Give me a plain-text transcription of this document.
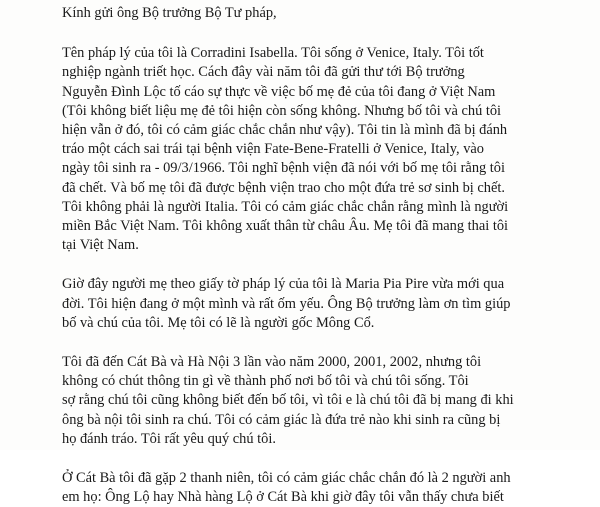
Kính gửi ông Bộ trưởng Bộ Tư pháp,

Tên pháp lý của tôi là Corradini Isabella. Tôi sống ở Venice, Italy. Tôi tốt
nghiệp ngành triết học. Cách đây vài năm tôi đã gửi thư tới Bộ trưởng
Nguyễn Đình Lộc tố cáo sự thực về việc bố mẹ đẻ của tôi đang ở Việt Nam
(Tôi không biết liệu mẹ đẻ tôi hiện còn sống không. Nhưng bố tôi và chú tôi
hiện vẫn ở đó, tôi có cảm giác chắc chắn như vậy). Tôi tin là mình đã bị đánh
tráo một cách sai trái tại bệnh viện Fate-Bene-Fratelli ở Venice, Italy, vào
ngày tôi sinh ra - 09/3/1966. Tôi nghĩ bệnh viện đã nói với bố mẹ tôi rằng tôi
đã chết. Và bố mẹ tôi đã được bệnh viện trao cho một đứa trẻ sơ sinh bị chết.
Tôi không phải là người Italia. Tôi có cảm giác chắc chắn rằng mình là người
miền Bắc Việt Nam. Tôi không xuất thân từ châu Âu. Mẹ tôi đã mang thai tôi
tại Việt Nam.
Giờ đây người mẹ theo giấy tờ pháp lý của tôi là Maria Pia Pire vừa mới qua
đời. Tôi hiện đang ở một mình và rất ốm yếu. Ông Bộ trưởng làm ơn tìm giúp
bố và chú của tôi. Mẹ tôi có lẽ là người gốc Mông Cổ.
Tôi đã đến Cát Bà và Hà Nội 3 lần vào năm 2000, 2001, 2002, nhưng tôi
không có chút thông tin gì về thành phố nơi bố tôi và chú tôi sống. Tôi
sợ rằng chú tôi cũng không biết đến bố tôi, vì tôi e là chú tôi đã bị mang đi khi
ông bà nội tôi sinh ra chú. Tôi có cảm giác là đứa trẻ nào khi sinh ra cũng bị
họ đánh tráo. Tôi rất yêu quý chú tôi.
Ở Cát Bà tôi đã gặp 2 thanh niên, tôi có cảm giác chắc chắn đó là 2 người anh
em họ: Ông Lộ hay Nhà hàng Lộ ở Cát Bà khi giờ đây tôi vẫn thấy chưa biết
